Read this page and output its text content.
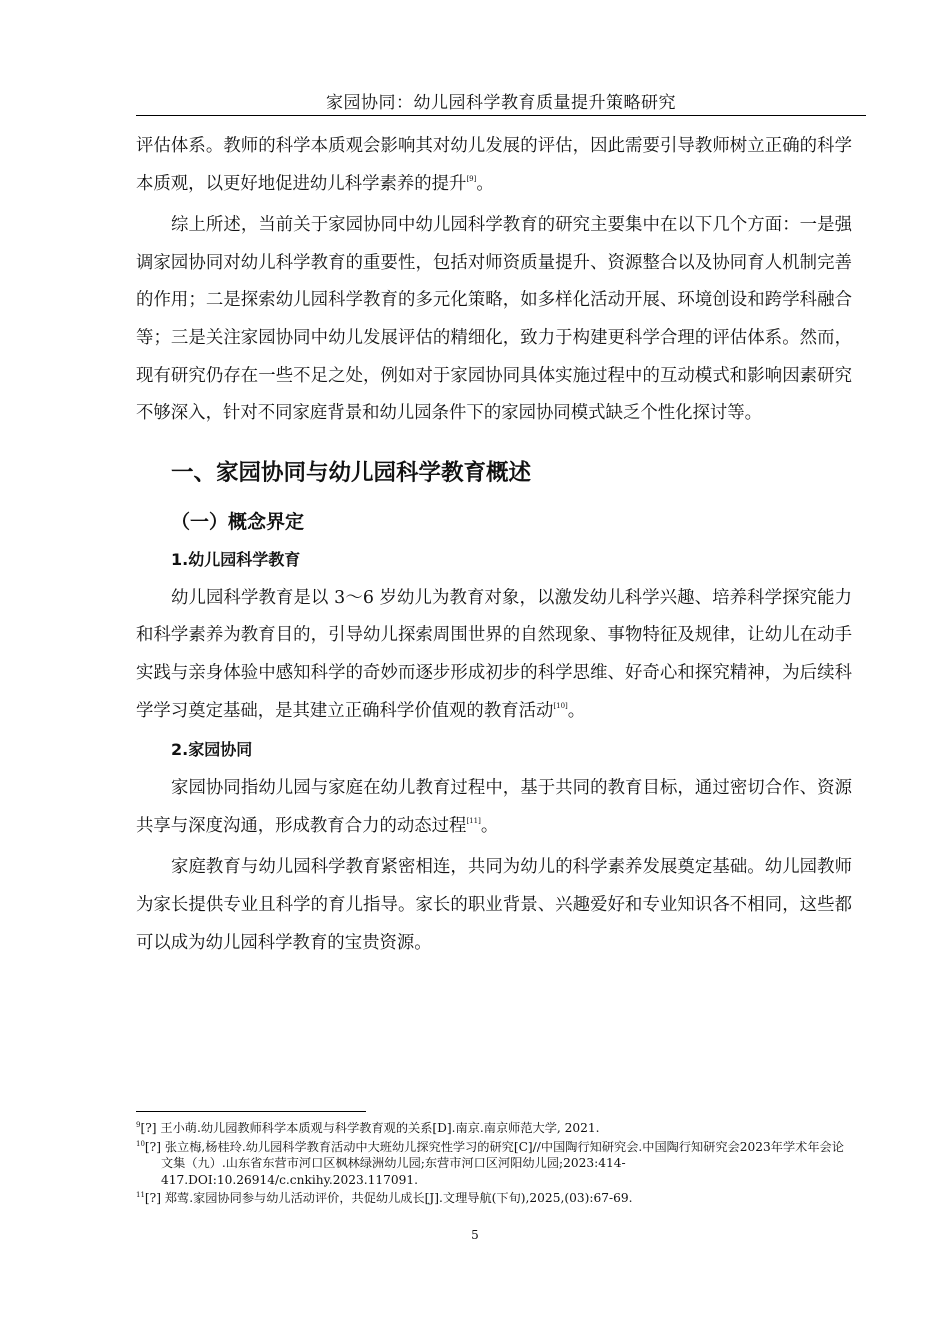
家园协同：幼儿园科学教育质量提升策略研究

评估体系。教师的科学本质观会影响其对幼儿发展的评估，因此需要引导教师树立正确的科学本质观，以更好地促进幼儿科学素养的提升[9]。

综上所述，当前关于家园协同中幼儿园科学教育的研究主要集中在以下几个方面：一是强调家园协同对幼儿科学教育的重要性，包括对师资质量提升、资源整合以及协同育人机制完善的作用；二是探索幼儿园科学教育的多元化策略，如多样化活动开展、环境创设和跨学科融合等；三是关注家园协同中幼儿发展评估的精细化，致力于构建更科学合理的评估体系。然而，现有研究仍存在一些不足之处，例如对于家园协同具体实施过程中的互动模式和影响因素研究不够深入，针对不同家庭背景和幼儿园条件下的家园协同模式缺乏个性化探讨等。

一、家园协同与幼儿园科学教育概述
（一）概念界定
1.幼儿园科学教育

幼儿园科学教育是以 3～6 岁幼儿为教育对象，以激发幼儿科学兴趣、培养科学探究能力和科学素养为教育目的，引导幼儿探索周围世界的自然现象、事物特征及规律，让幼儿在动手实践与亲身体验中感知科学的奇妙而逐步形成初步的科学思维、好奇心和探究精神，为后续科学学习奠定基础，是其建立正确科学价值观的教育活动[10]。

2.家园协同

家园协同指幼儿园与家庭在幼儿教育过程中，基于共同的教育目标，通过密切合作、资源共享与深度沟通，形成教育合力的动态过程[11]。

家庭教育与幼儿园科学教育紧密相连，共同为幼儿的科学素养发展奠定基础。幼儿园教师为家长提供专业且科学的育儿指导。家长的职业背景、兴趣爱好和专业知识各不相同，这些都可以成为幼儿园科学教育的宝贵资源。

$^9$[?] 王小萌.幼儿园教师科学本质观与科学教育观的关系[D].南京.南京师范大学, 2021.
$^{10}$[?] 张立梅,杨桂玲.幼儿园科学教育活动中大班幼儿探究性学习的研究[C]//中国陶行知研究会.中国陶行知研究会2023年学术年会论文集（九）.山东省东营市河口区枫林绿洲幼儿园;东营市河口区河阳幼儿园;2023:414-417.DOI:10.26914/c.cnkihy.2023.117091.
$^{11}$[?] 郑莺.家园协同参与幼儿活动评价，共促幼儿成长[J].文理导航(下旬),2025,(03):67-69.
5
